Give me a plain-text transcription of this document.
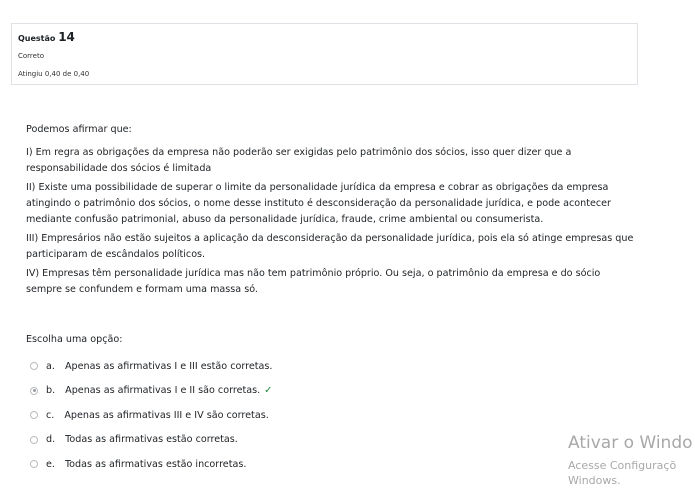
Questão 14
Correto
Atingiu 0,40 de 0,40

Podemos afirmar que:

I) Em regra as obrigações da empresa não poderão ser exigidas pelo patrimônio dos sócios, isso quer dizer que a responsabilidade dos sócios é limitada

II) Existe uma possibilidade de superar o limite da personalidade jurídica da empresa e cobrar as obrigações da empresa atingindo o patrimônio dos sócios, o nome desse instituto é desconsideração da personalidade jurídica, e pode acontecer mediante confusão patrimonial, abuso da personalidade jurídica, fraude, crime ambiental ou consumerista.

III) Empresários não estão sujeitos a aplicação da desconsideração da personalidade jurídica, pois ela só atinge empresas que participaram de escândalos políticos.

IV) Empresas têm personalidade jurídica mas não tem patrimônio próprio. Ou seja, o patrimônio da empresa e do sócio sempre se confundem e formam uma massa só.

Escolha uma opção:
a. Apenas as afirmativas I e III estão corretas.
b. Apenas as afirmativas I e II são corretas. ✓
c. Apenas as afirmativas III e IV são corretas.
d. Todas as afirmativas estão corretas.
e. Todas as afirmativas estão incorretas.
Ativar o Windo
Acesse Configuraçõ
Windows.
